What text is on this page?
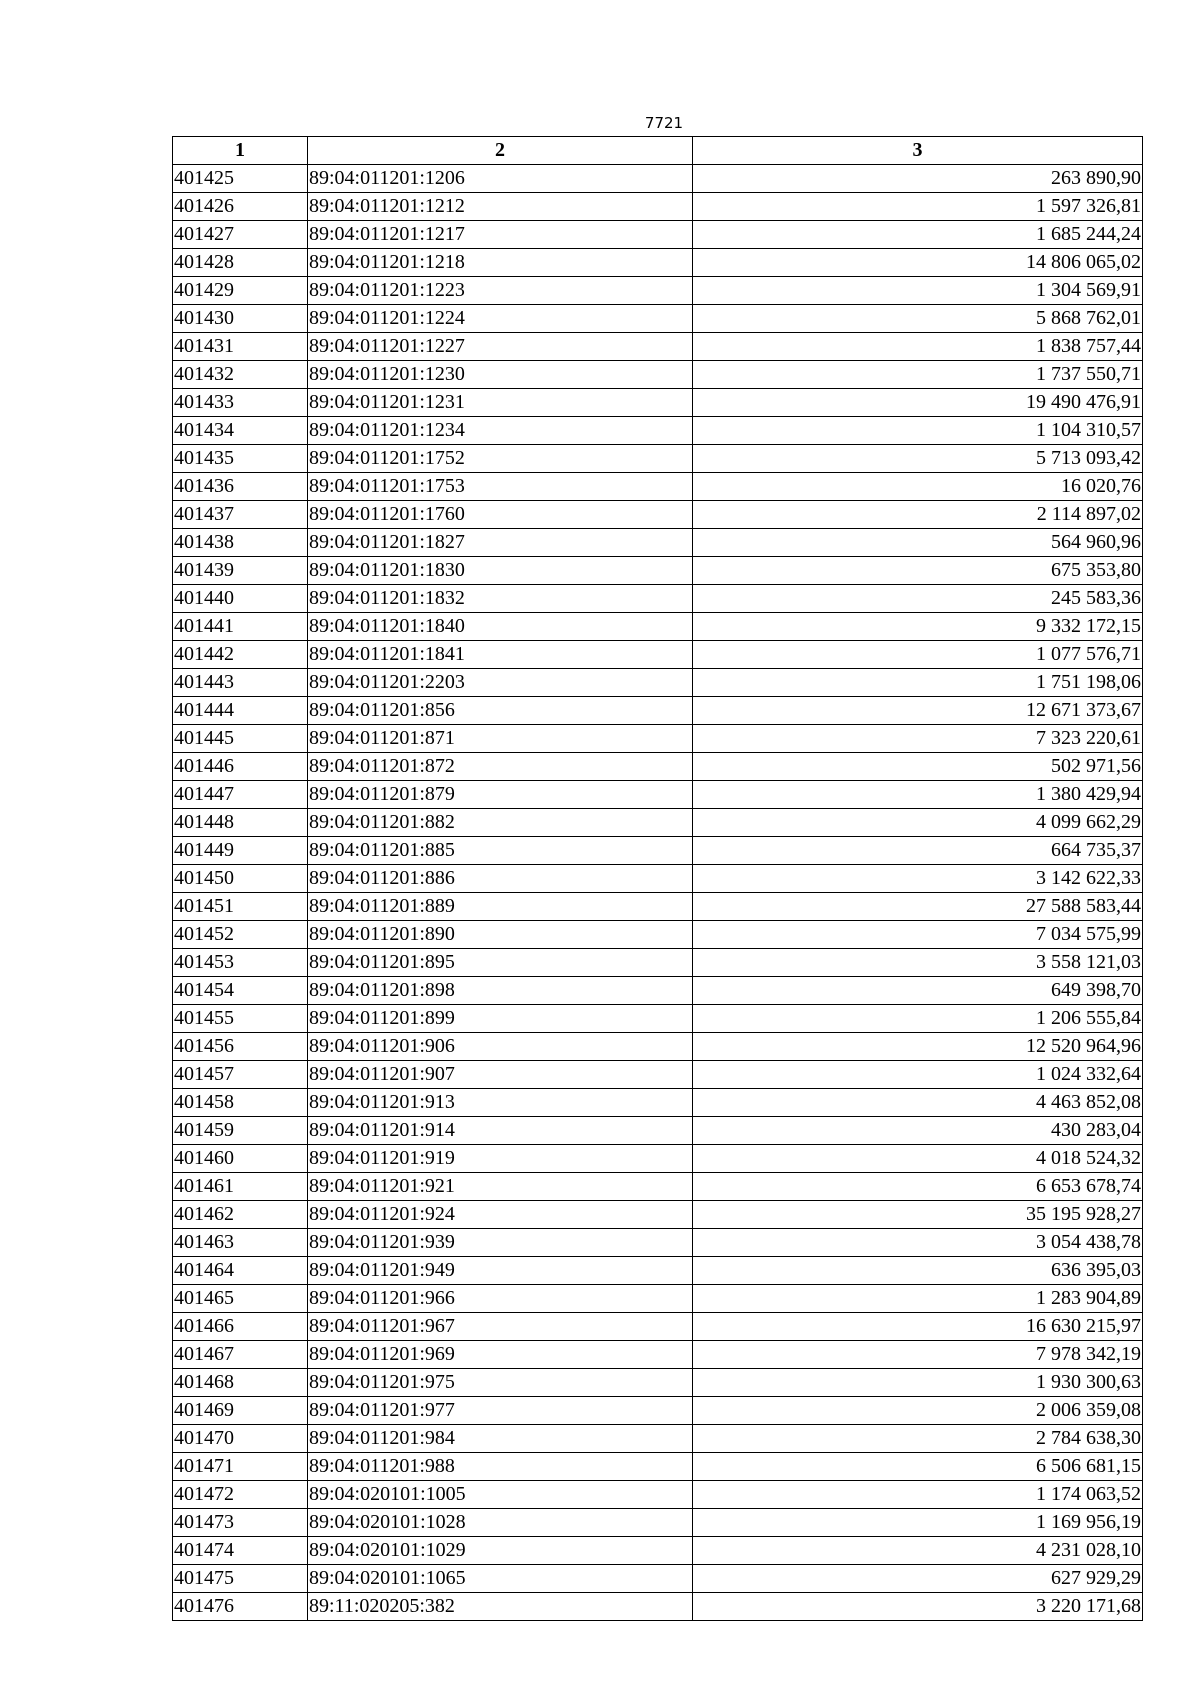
7721
1	2	3
401425	89:04:011201:1206	263 890,90
401426	89:04:011201:1212	1 597 326,81
401427	89:04:011201:1217	1 685 244,24
401428	89:04:011201:1218	14 806 065,02
401429	89:04:011201:1223	1 304 569,91
401430	89:04:011201:1224	5 868 762,01
401431	89:04:011201:1227	1 838 757,44
401432	89:04:011201:1230	1 737 550,71
401433	89:04:011201:1231	19 490 476,91
401434	89:04:011201:1234	1 104 310,57
401435	89:04:011201:1752	5 713 093,42
401436	89:04:011201:1753	16 020,76
401437	89:04:011201:1760	2 114 897,02
401438	89:04:011201:1827	564 960,96
401439	89:04:011201:1830	675 353,80
401440	89:04:011201:1832	245 583,36
401441	89:04:011201:1840	9 332 172,15
401442	89:04:011201:1841	1 077 576,71
401443	89:04:011201:2203	1 751 198,06
401444	89:04:011201:856	12 671 373,67
401445	89:04:011201:871	7 323 220,61
401446	89:04:011201:872	502 971,56
401447	89:04:011201:879	1 380 429,94
401448	89:04:011201:882	4 099 662,29
401449	89:04:011201:885	664 735,37
401450	89:04:011201:886	3 142 622,33
401451	89:04:011201:889	27 588 583,44
401452	89:04:011201:890	7 034 575,99
401453	89:04:011201:895	3 558 121,03
401454	89:04:011201:898	649 398,70
401455	89:04:011201:899	1 206 555,84
401456	89:04:011201:906	12 520 964,96
401457	89:04:011201:907	1 024 332,64
401458	89:04:011201:913	4 463 852,08
401459	89:04:011201:914	430 283,04
401460	89:04:011201:919	4 018 524,32
401461	89:04:011201:921	6 653 678,74
401462	89:04:011201:924	35 195 928,27
401463	89:04:011201:939	3 054 438,78
401464	89:04:011201:949	636 395,03
401465	89:04:011201:966	1 283 904,89
401466	89:04:011201:967	16 630 215,97
401467	89:04:011201:969	7 978 342,19
401468	89:04:011201:975	1 930 300,63
401469	89:04:011201:977	2 006 359,08
401470	89:04:011201:984	2 784 638,30
401471	89:04:011201:988	6 506 681,15
401472	89:04:020101:1005	1 174 063,52
401473	89:04:020101:1028	1 169 956,19
401474	89:04:020101:1029	4 231 028,10
401475	89:04:020101:1065	627 929,29
401476	89:11:020205:382	3 220 171,68
